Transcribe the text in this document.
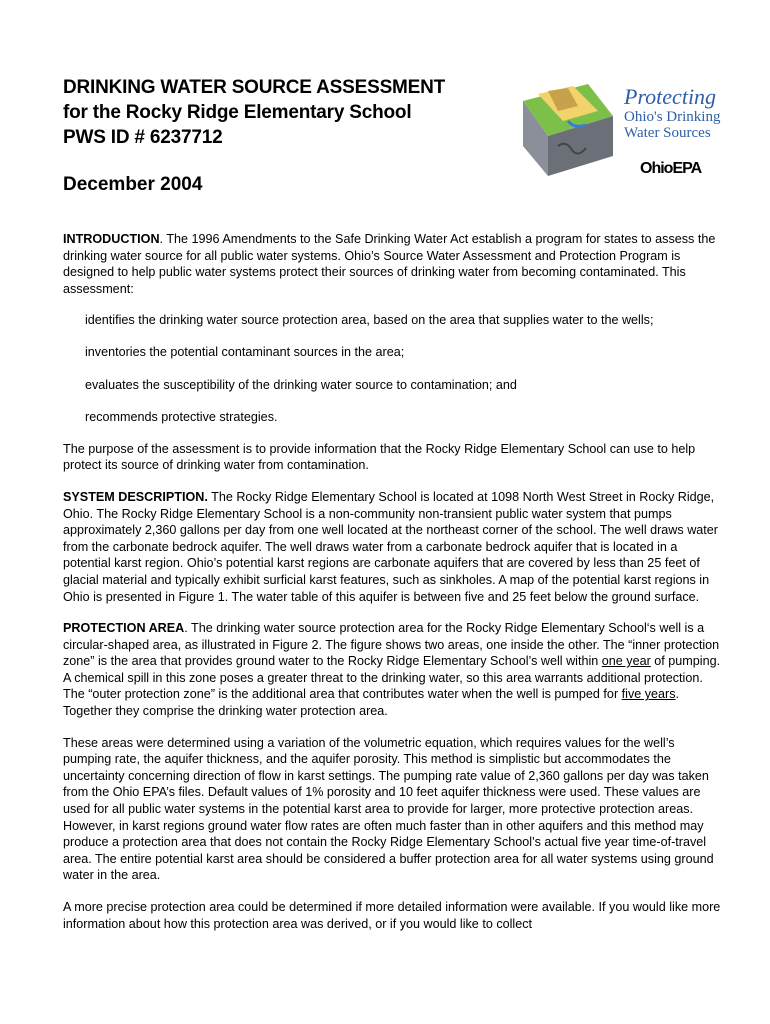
DRINKING WATER SOURCE ASSESSMENT
for the Rocky Ridge Elementary School
PWS ID # 6237712
December 2004
Protecting
Ohio's Drinking
Water Sources
OhioEPA

INTRODUCTION. The 1996 Amendments to the Safe Drinking Water Act establish a program for states to assess the drinking water source for all public water systems. Ohio’s Source Water Assessment and Protection Program is designed to help public water systems protect their sources of drinking water from becoming contaminated. This assessment:

identifies the drinking water source protection area, based on the area that supplies water to the wells;

inventories the potential contaminant sources in the area;

evaluates the susceptibility of the drinking water source to contamination; and

recommends protective strategies.

The purpose of the assessment is to provide information that the Rocky Ridge Elementary School can use to help protect its source of drinking water from contamination.

SYSTEM DESCRIPTION. The Rocky Ridge Elementary School is located at 1098 North West Street in Rocky Ridge, Ohio. The Rocky Ridge Elementary School is a non-community non-transient public water system that pumps approximately 2,360 gallons per day from one well located at the northeast corner of the school. The well draws water from the carbonate bedrock aquifer. The well draws water from a carbonate bedrock aquifer that is located in a potential karst region. Ohio’s potential karst regions are carbonate aquifers that are covered by less than 25 feet of glacial material and typically exhibit surficial karst features, such as sinkholes. A map of the potential karst regions in Ohio is presented in Figure 1. The water table of this aquifer is between five and 25 feet below the ground surface.

PROTECTION AREA. The drinking water source protection area for the Rocky Ridge Elementary School‘s well is a circular-shaped area, as illustrated in Figure 2. The figure shows two areas, one inside the other. The “inner protection zone” is the area that provides ground water to the Rocky Ridge Elementary School’s well within one year of pumping. A chemical spill in this zone poses a greater threat to the drinking water, so this area warrants additional protection. The “outer protection zone” is the additional area that contributes water when the well is pumped for five years. Together they comprise the drinking water protection area.

These areas were determined using a variation of the volumetric equation, which requires values for the well’s pumping rate, the aquifer thickness, and the aquifer porosity. This method is simplistic but accommodates the uncertainty concerning direction of flow in karst settings. The pumping rate value of 2,360 gallons per day was taken from the Ohio EPA’s files. Default values of 1% porosity and 10 feet aquifer thickness were used. These values are used for all public water systems in the potential karst area to provide for larger, more protective protection areas. However, in karst regions ground water flow rates are often much faster than in other aquifers and this method may produce a protection area that does not contain the Rocky Ridge Elementary School’s actual five year time-of-travel area. The entire potential karst area should be considered a buffer protection area for all water systems using ground water in the area.

A more precise protection area could be determined if more detailed information were available. If you would like more information about how this protection area was derived, or if you would like to collect
